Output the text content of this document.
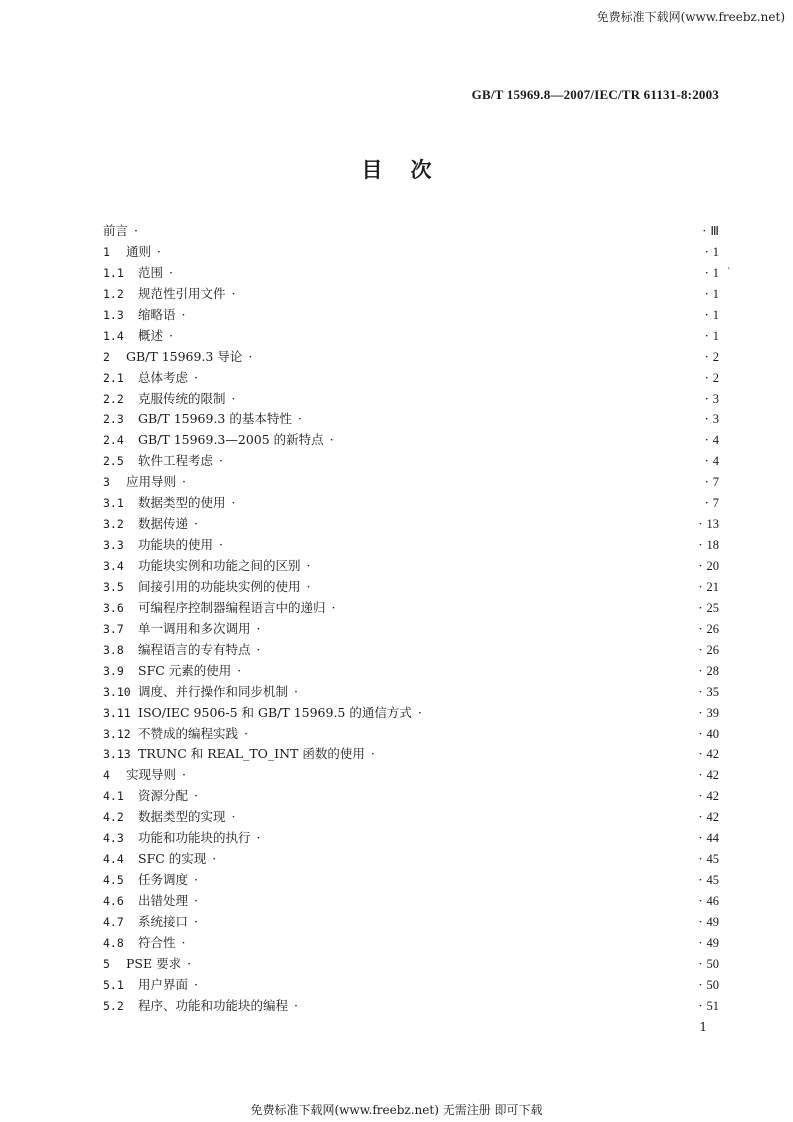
免费标准下载网(www.freebz.net)
GB/T 15969.8—2007/IEC/TR 61131-8:2003
目次
'
前言 ·	· Ⅲ
1	通则 ·	· 1
1.1	范围 ·	· 1
1.2	规范性引用文件 ·	· 1
1.3	缩略语 ·	· 1
1.4	概述 ·	· 1
2	GB/T 15969.3 导论 ·	· 2
2.1	总体考虑 ·	· 2
2.2	克服传统的限制 ·	· 3
2.3	GB/T 15969.3 的基本特性 ·	· 3
2.4	GB/T 15969.3—2005 的新特点 ·	· 4
2.5	软件工程考虑 ·	· 4
3	应用导则 ·	· 7
3.1	数据类型的使用 ·	· 7
3.2	数据传递 ·	· 13
3.3	功能块的使用 ·	· 18
3.4	功能块实例和功能之间的区别 ·	· 20
3.5	间接引用的功能块实例的使用 ·	· 21
3.6	可编程序控制器编程语言中的递归 ·	· 25
3.7	单一调用和多次调用 ·	· 26
3.8	编程语言的专有特点 ·	· 26
3.9	SFC 元素的使用 ·	· 28
3.10 调度、并行操作和同步机制 ·	· 35
3.11 ISO/IEC 9506-5 和 GB/T 15969.5 的通信方式 ·	· 39
3.12 不赞成的编程实践 ·	· 40
3.13 TRUNC 和 REAL_TO_INT 函数的使用 ·	· 42
4	实现导则 ·	· 42
4.1	资源分配 ·	· 42
4.2	数据类型的实现 ·	· 42
4.3	功能和功能块的执行 ·	· 44
4.4	SFC 的实现 ·	· 45
4.5	任务调度 ·	· 45
4.6	出错处理 ·	· 46
4.7	系统接口 ·	· 49
4.8	符合性 ·	· 49
5	PSE 要求 ·	· 50
5.1	用户界面 ·	· 50
5.2	程序、功能和功能块的编程 ·	· 51
1
免费标准下载网(www.freebz.net) 无需注册 即可下载
